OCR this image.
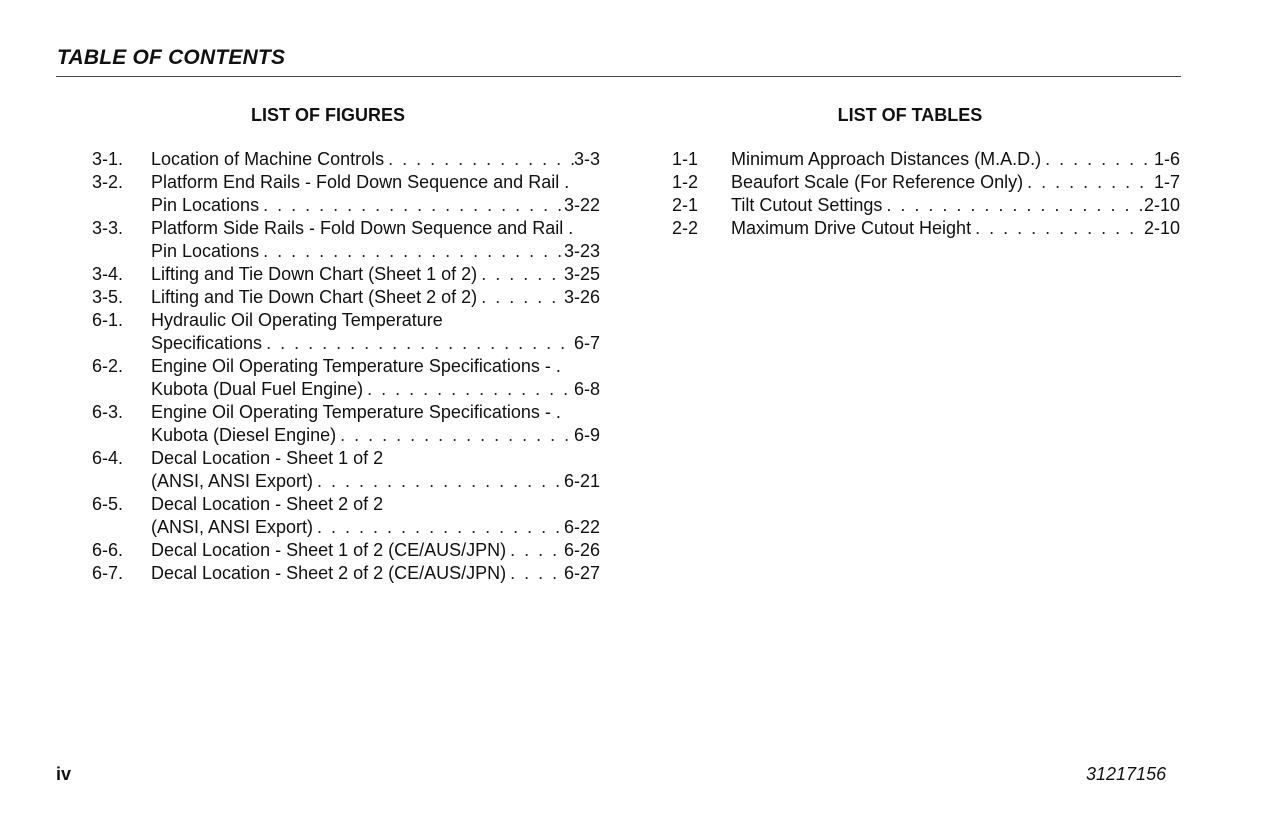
TABLE OF CONTENTS
LIST OF FIGURES
3-1.	Location of Machine Controls . . .	3-3
3-2.	Platform End Rails - Fold Down Sequence and Rail .
Pin Locations . . .	3-22
3-3.	Platform Side Rails - Fold Down Sequence and Rail .
Pin Locations . . .	3-23
3-4.	Lifting and Tie Down Chart (Sheet 1 of 2) . . .	3-25
3-5.	Lifting and Tie Down Chart (Sheet 2 of 2) . . .	3-26
6-1.	Hydraulic Oil Operating Temperature
Specifications . . .	6-7
6-2.	Engine Oil Operating Temperature Specifications - .
Kubota (Dual Fuel Engine) . . .	6-8
6-3.	Engine Oil Operating Temperature Specifications - .
Kubota (Diesel Engine) . . .	6-9
6-4.	Decal Location - Sheet 1 of 2
(ANSI, ANSI Export) . . .	6-21
6-5.	Decal Location - Sheet 2 of 2
(ANSI, ANSI Export) . . .	6-22
6-6.	Decal Location - Sheet 1 of 2 (CE/AUS/JPN) . . .	6-26
6-7.	Decal Location - Sheet 2 of 2 (CE/AUS/JPN) . . .	6-27
LIST OF TABLES
1-1	Minimum Approach Distances (M.A.D.) . . .	1-6
1-2	Beaufort Scale (For Reference Only) . . .	1-7
2-1	Tilt Cutout Settings . . .	2-10
2-2	Maximum Drive Cutout Height . . .	2-10
iv	31217156
